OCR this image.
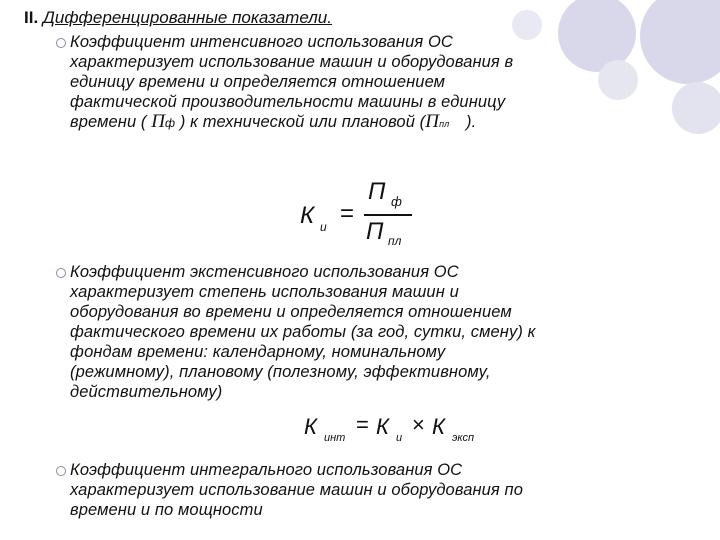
II. Дифференцированные показатели.
Коэффициент интенсивного использования ОС
характеризует использование машин и оборудования в
единицу времени и определяется отношением
фактической производительности машины в единицу
времени ( Пф ) к технической или плановой (Ппл ).
К и =
П ф
П пл
Коэффициент экстенсивного использования ОС
характеризует степень использования машин и
оборудования во времени и определяется отношением
фактического времени их работы (за год, сутки, смену) к
фондам времени: календарному, номинальному
(режимному), плановому (полезному, эффективному,
действительному)
К инт
= К и
× К эксп
Коэффициент интегрального использования ОС
характеризует использование машин и оборудования по
времени и по мощности
